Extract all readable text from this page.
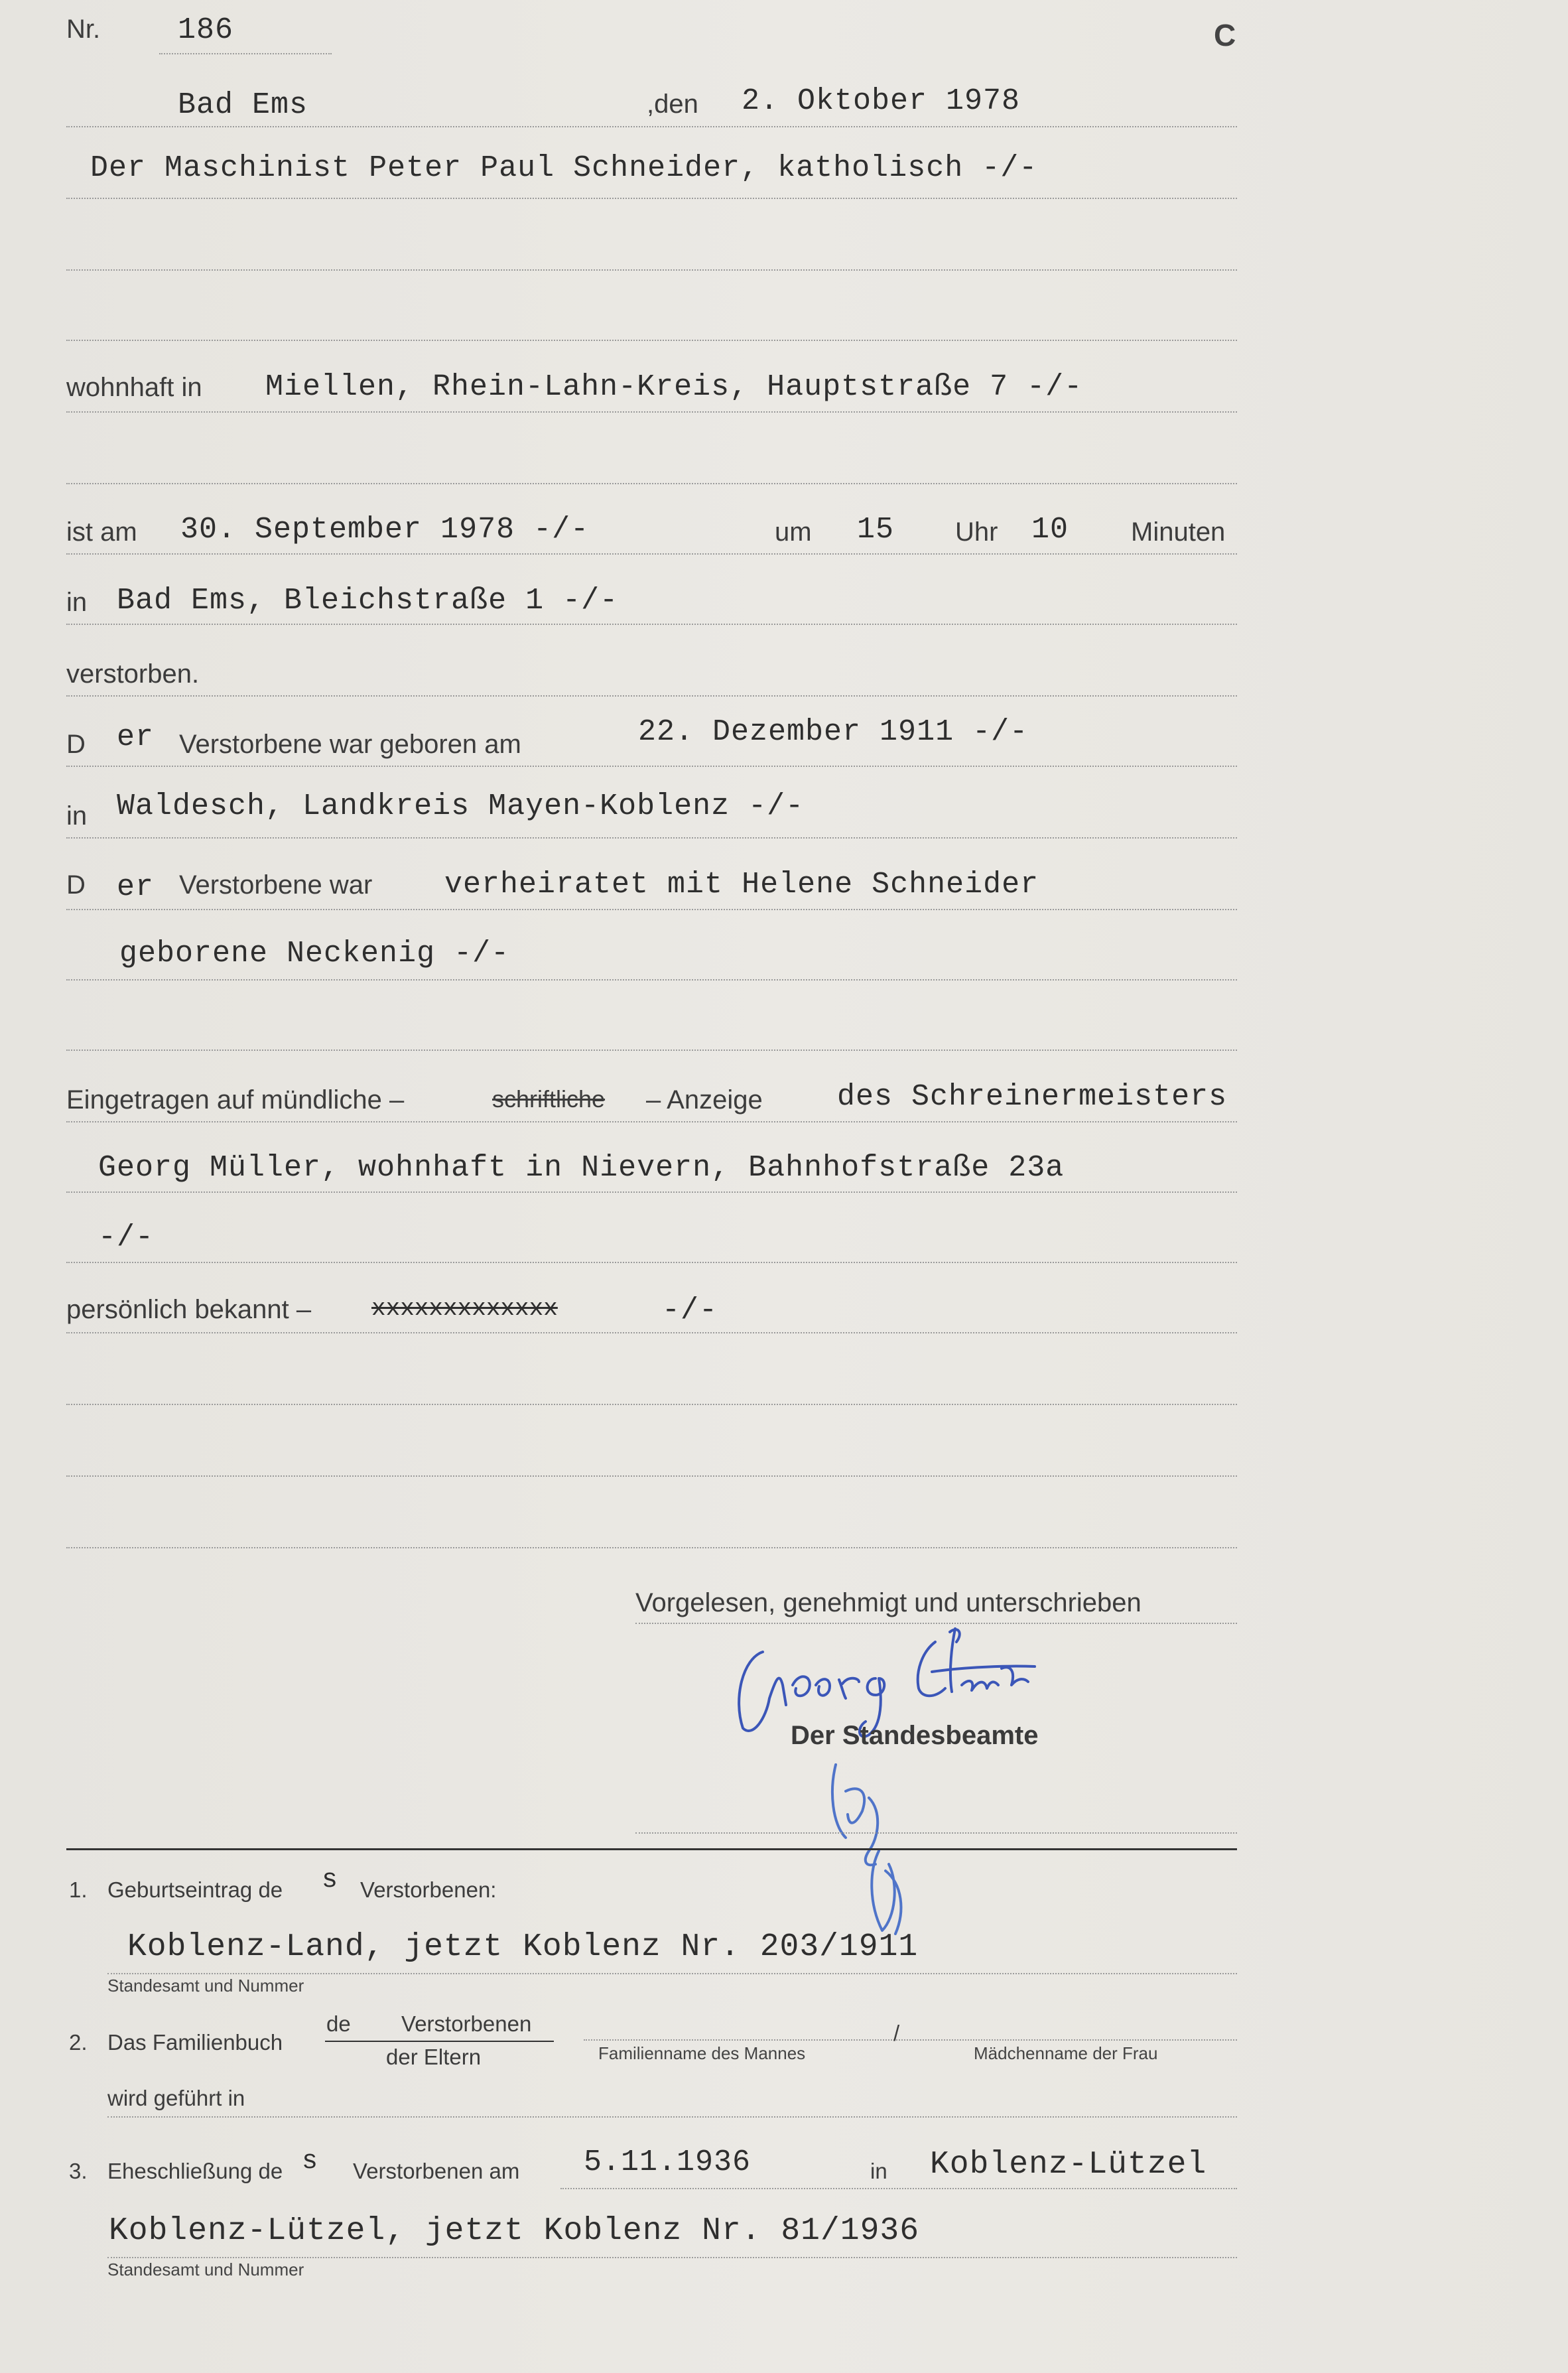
Nr.	186	C
Bad Ems	,den 2. Oktober 1978
Der Maschinist Peter Paul Schneider, katholisch -/-
wohnhaft in Miellen, Rhein-Lahn-Kreis, Hauptstraße 7 -/-
ist am 30. September 1978 -/-	um 15 Uhr 10 Minuten
in Bad Ems, Bleichstraße 1 -/-
verstorben.
D er Verstorbene war geboren am	22. Dezember 1911 -/-
in Waldesch, Landkreis Mayen-Koblenz -/-
D er Verstorbene war verheiratet mit Helene Schneider
geborene Neckenig -/-
Eingetragen auf mündliche –	schriftliche – Anzeige des Schreinermeisters
Georg Müller, wohnhaft in Nievern, Bahnhofstraße 23a
-/-
persönlich bekannt –	xxxxxxxxxxxxx	-/-
Vorgelesen, genehmigt und unterschrieben
Der Standesbeamte
1. Geburtseintrag de s Verstorbenen:
Koblenz-Land, jetzt Koblenz Nr. 203/1911
Standesamt und Nummer
2. Das Familienbuch
de Verstorbenen
der Eltern	Familienname des Mannes
/
Mädchenname der Frau
wird geführt in
3. Eheschließung de s Verstorbenen am 5.11.1936	in Koblenz-Lützel
Koblenz-Lützel, jetzt Koblenz Nr. 81/1936
Standesamt und Nummer
